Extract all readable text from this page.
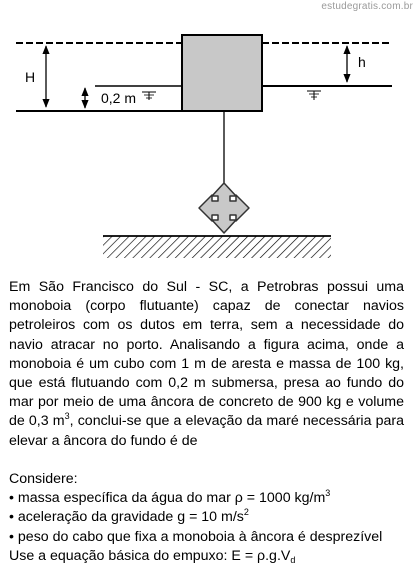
estudegratis.com.br
H
0,2 m
h

Em São Francisco do Sul - SC, a Petrobras possui uma monoboia (corpo flutuante) capaz de conectar navios petroleiros com os dutos em terra, sem a necessidade do navio atracar no porto. Analisando a figura acima, onde a monoboia é um cubo com 1 m de aresta e massa de 100 kg, que está flutuando com 0,2 m submersa, presa ao fundo do mar por meio de uma âncora de concreto de 900 kg e volume de 0,3 $m^3$, conclui-se que a elevação da maré necessária para elevar a âncora do fundo é de

Considere:
• massa específica da água do mar ρ = 1000 $kg/m^3$
• aceleração da gravidade g = 10 $m/s^2$
• peso do cabo que fixa a monoboia à âncora é desprezível
Use a equação básica do empuxo: $E = \rho.g.V_d$
